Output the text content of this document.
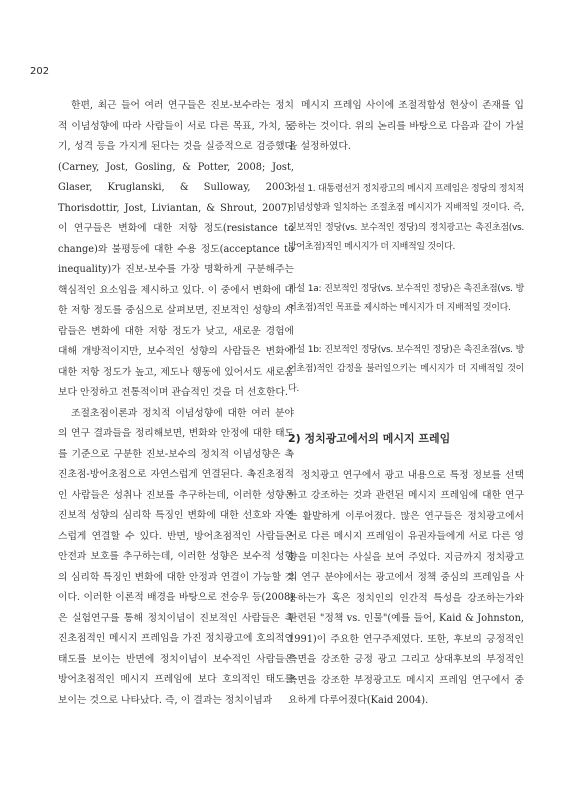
202

한편, 최근 들어 여러 연구들은 진보-보수라는 정치적 이념성향에 따라 사람들이 서로 다른 목표, 가치, 동기, 성격 등을 가지게 된다는 것을 실증적으로 검증했다(Carney, Jost, Gosling, & Potter, 2008; Jost, Glaser, Kruglanski, & Sulloway, 2003; Thorisdottir, Jost, Liviantan, & Shrout, 2007). 이 연구들은 변화에 대한 저항 정도(resistance to change)와 불평등에 대한 수용 정도(acceptance to inequality)가 진보-보수를 가장 명확하게 구분해주는 핵심적인 요소임을 제시하고 있다. 이 중에서 변화에 대한 저항 정도를 중심으로 살펴보면, 진보적인 성향의 사람들은 변화에 대한 저항 정도가 낮고, 새로운 경험에 대해 개방적이지만, 보수적인 성향의 사람들은 변화에 대한 저항 정도가 높고, 제도나 행동에 있어서도 새로움보다 안정하고 전통적이며 관습적인 것을 더 선호한다.

조절초점이론과 정치적 이념성향에 대한 여러 분야의 연구 결과들을 정리해보면, 변화와 안정에 대한 태도를 기준으로 구분한 진보-보수의 정치적 이념성향은 촉진초점-방어초점으로 자연스럽게 연결된다. 촉진초점적인 사람들은 성취나 진보를 추구하는데, 이러한 성향은 진보적 성향의 심리학 특징인 변화에 대한 선호와 자연스럽게 연결할 수 있다. 반면, 방어초점적인 사람들은 안전과 보호를 추구하는데, 이러한 성향은 보수적 성향의 심리학 특징인 변화에 대한 안정과 연결이 가능할 것이다. 이러한 이론적 배경을 바탕으로 전승우 등(2008)은 실험연구를 통해 정치이념이 진보적인 사람들은 촉진초점적인 메시지 프레임을 가진 정치광고에 호의적인 태도를 보이는 반면에 정치이념이 보수적인 사람들은 방어초점적인 메시지 프레임에 보다 호의적인 태도를 보이는 것으로 나타났다. 즉, 이 결과는 정치이념과

메시지 프레임 사이에 조절적합성 현상이 존재를 입증하는 것이다. 위의 논리를 바탕으로 다음과 같이 가설을 설정하였다.

가설 1. 대통령선거 정치광고의 메시지 프레임은 정당의 정치적 이념성향과 일치하는 조절초점 메시지가 지배적일 것이다. 즉, 진보적인 정당(vs. 보수적인 정당)의 정치광고는 촉진초점(vs. 방어초점)적인 메시지가 더 지배적일 것이다.

가설 1a: 진보적인 정당(vs. 보수적인 정당)은 촉진초점(vs. 방어초점)적인 목표를 제시하는 메시지가 더 지배적일 것이다.

가설 1b: 진보적인 정당(vs. 보수적인 정당)은 촉진초점(vs. 방어초점)적인 감정을 불러일으키는 메시지가 더 지배적일 것이다.

2) 정치광고에서의 메시지 프레임

정치광고 연구에서 광고 내용으로 특정 정보를 선택하고 강조하는 것과 관련된 메시지 프레임에 대한 연구는 활발하게 이루어졌다. 많은 연구들은 정치광고에서 서로 다른 메시지 프레임이 유권자들에게 서로 다른 영향을 미친다는 사실을 보여 주었다. 지금까지 정치광고의 연구 분야에서는 광고에서 정책 중심의 프레임을 사용하는가 혹은 정치인의 인간적 특성을 강조하는가와 관련된 "정책 vs. 인물"(예를 들어, Kaid & Johnston, 1991)이 주요한 연구주제였다. 또한, 후보의 긍정적인 측면을 강조한 긍정 광고 그리고 상대후보의 부정적인 측면을 강조한 부정광고도 메시지 프레임 연구에서 중요하게 다루어졌다(Kaid 2004).
